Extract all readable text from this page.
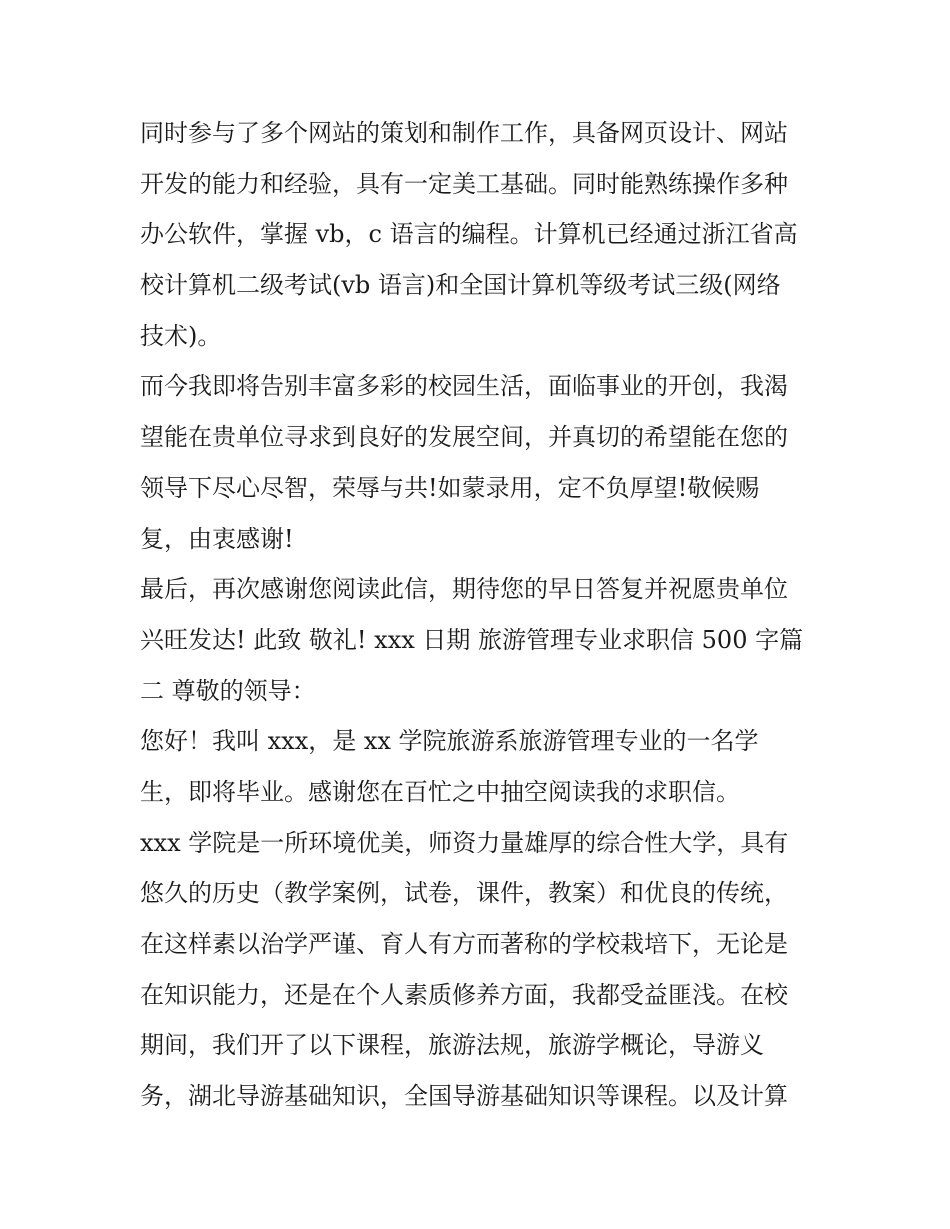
同时参与了多个网站的策划和制作工作，具备网页设计、网站
开发的能力和经验，具有一定美工基础。同时能熟练操作多种
办公软件，掌握 vb，c 语言的编程。计算机已经通过浙江省高
校计算机二级考试(vb 语言)和全国计算机等级考试三级(网络
技术)。
而今我即将告别丰富多彩的校园生活，面临事业的开创，我渴
望能在贵单位寻求到良好的发展空间，并真切的希望能在您的
领导下尽心尽智，荣辱与共!如蒙录用，定不负厚望!敬候赐
复，由衷感谢!
最后，再次感谢您阅读此信，期待您的早日答复并祝愿贵单位
兴旺发达! 此致 敬礼! xxx 日期 旅游管理专业求职信 500 字篇
二 尊敬的领导：
您好！我叫 xxx，是 xx 学院旅游系旅游管理专业的一名学
生，即将毕业。感谢您在百忙之中抽空阅读我的求职信。
xxx 学院是一所环境优美，师资力量雄厚的综合性大学，具有
悠久的历史（教学案例，试卷，课件，教案）和优良的传统，
在这样素以治学严谨、育人有方而著称的学校栽培下，无论是
在知识能力，还是在个人素质修养方面，我都受益匪浅。在校
期间，我们开了以下课程，旅游法规，旅游学概论，导游义
务，湖北导游基础知识，全国导游基础知识等课程。以及计算
